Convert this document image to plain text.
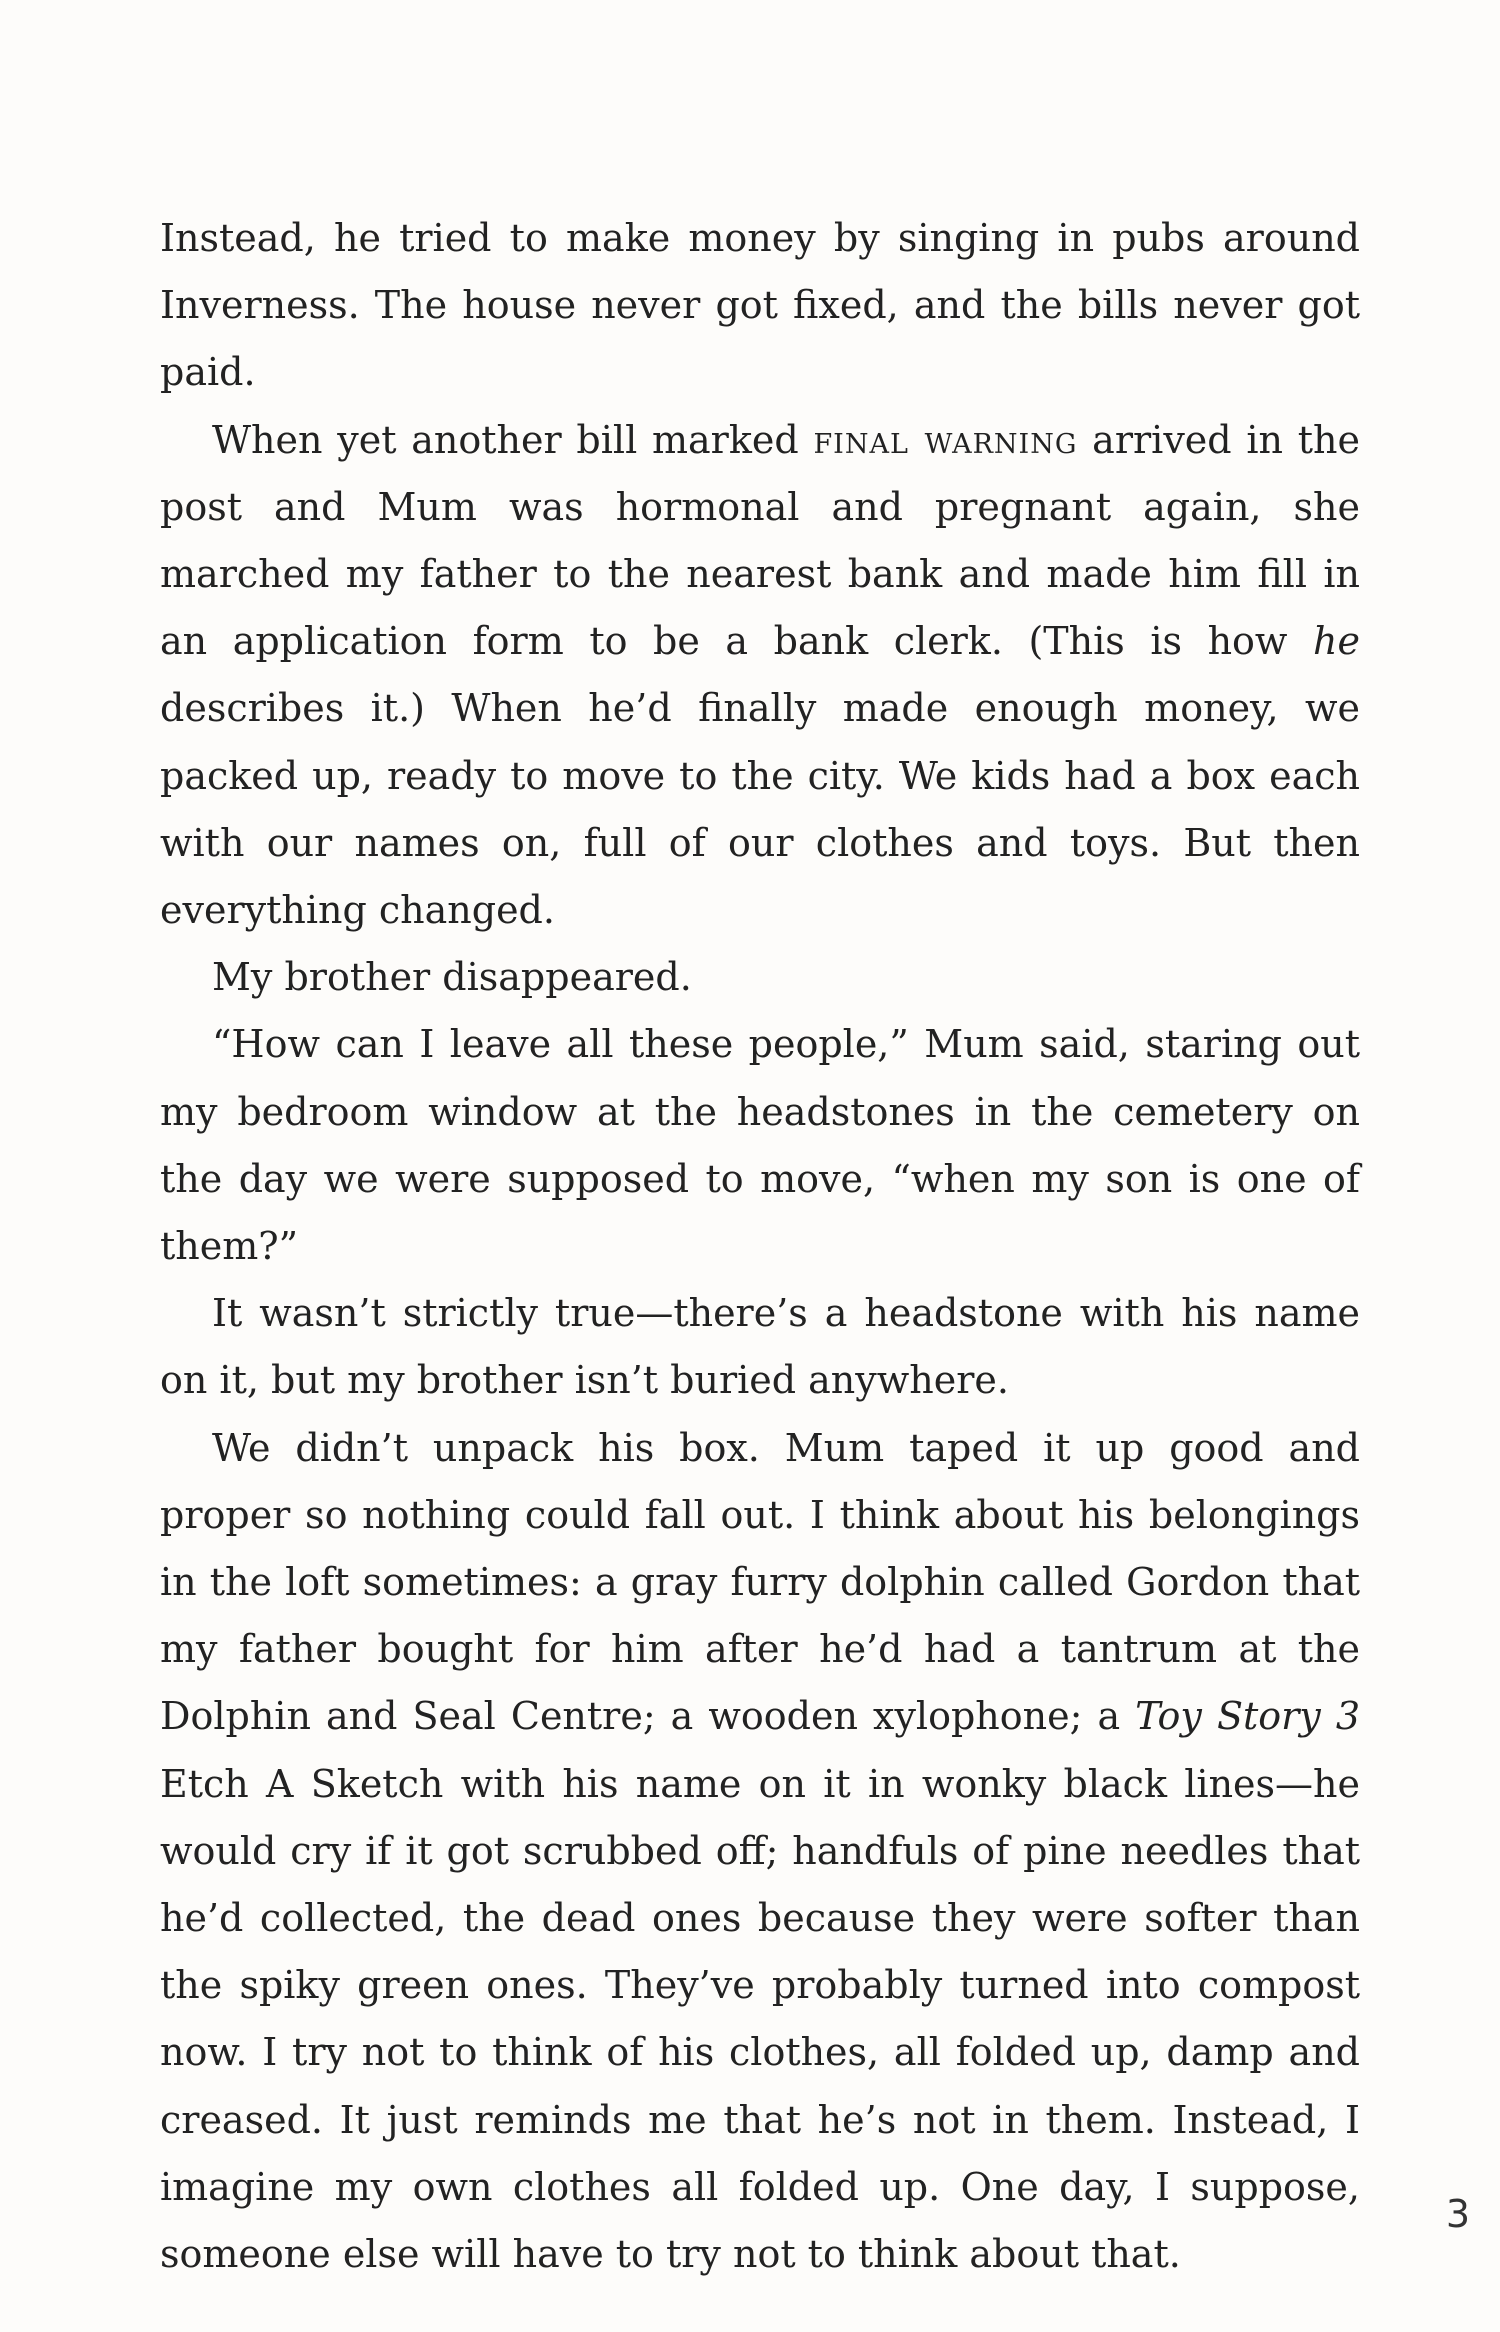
Instead, he tried to make money by singing in pubs around Inverness. The house never got fixed, and the bills never got paid.

When yet another bill marked final warning arrived in the post and Mum was hormonal and pregnant again, she marched my father to the nearest bank and made him fill in an application form to be a bank clerk. (This is how he describes it.) When he’d finally made enough money, we packed up, ready to move to the city. We kids had a box each with our names on, full of our clothes and toys. But then everything changed.

My brother disappeared.

“How can I leave all these people,” Mum said, staring out my bedroom window at the headstones in the cemetery on the day we were supposed to move, “when my son is one of them?”

It wasn’t strictly true—there’s a headstone with his name on it, but my brother isn’t buried anywhere.

We didn’t unpack his box. Mum taped it up good and proper so nothing could fall out. I think about his belongings in the loft sometimes: a gray furry dolphin called Gordon that my father bought for him after he’d had a tantrum at the Dolphin and Seal Centre; a wooden xylophone; a Toy Story 3 Etch A Sketch with his name on it in wonky black lines—he would cry if it got scrubbed off; handfuls of pine needles that he’d collected, the dead ones because they were softer than the spiky green ones. They’ve probably turned into compost now. I try not to think of his clothes, all folded up, damp and creased. It just reminds me that he’s not in them. Instead, I imagine my own clothes all folded up. One day, I suppose, someone else will have to try not to think about that.

3
